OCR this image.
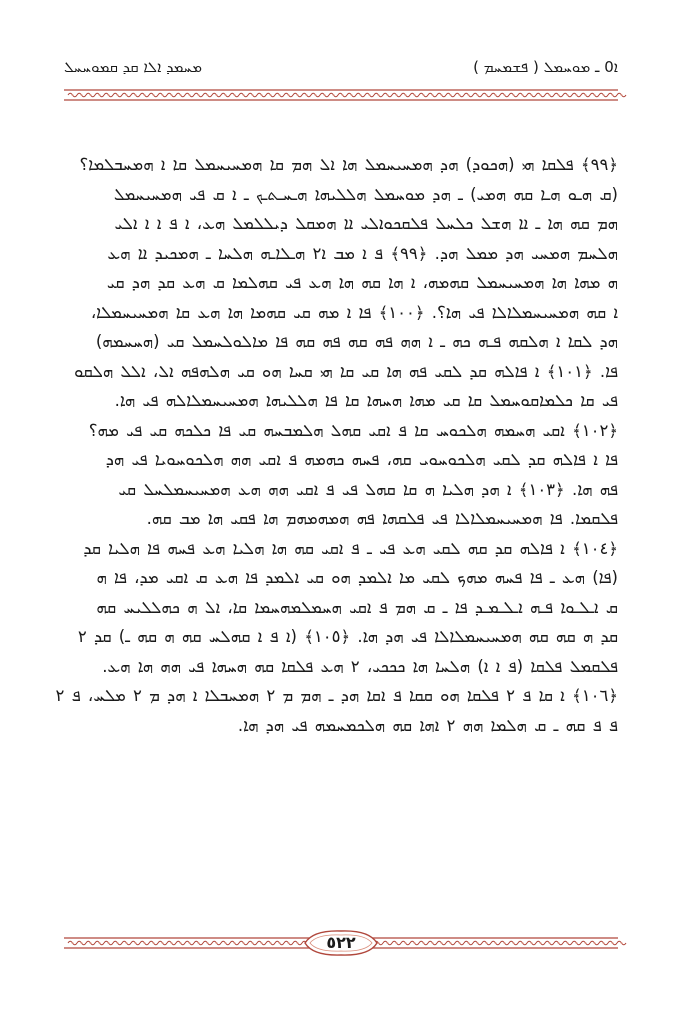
ܡܚܡܕ ܐܠܐ ܩܕ ܩܡܘܚܚܠ	ܐ0 ـ ܡܘܚܡܠ ( ܦܫܡܚܡ )
﴿٩٩﴾ ܦܠܩܐ ܗܝ (ܗܟܘܕ) ܗܕ ܗܡܚܝܚܡܠ ܗܐ ܐܠ ܗܡ ܩܐ ܗܡܚܝܚܡܠ ܩܐ ܐ ܗܡܚܒܠܡܐ؟
(ܩ ܗـܘ ܗـܐ ܩܗ ܗܡܝ) ـ ܗܕ ܡܘܚܡܠ ܗܠܠܝܗܐ ܗـܚـܬـܟ ـ ܐ ܩ ܦܝ ܗܡܚܝܚܡܠ
ܗܡ ܩܗ ܗܐ ـ ܐܐ ܗܫܠ ܟܠܚܠ ܦܠܩܟܘܐܠܝ ܐܐ ܗܡܩܠ ܕܝܠܠܡܠ ܗܥ، ܐ ܦ ܐ ܐ ܐܠܝ
ܗܠܚܡ ܗܡܚܝ ܗܕ ܡܡܠ ܗܕ. ﴿٩٩﴾ ܦ ܐ ܡܒ ܐ٢ ܗـܠܐـܗ ܗܠܚܐ ـ ܗܡܟܝܕ ܐܐ ܗܥ
ܗ ܡܗܐ ܗܐ ܗܡܚܝܚܡܠ ܩܗܡܗ، ܐ ܗܐ ܩܗ ܗܐ ܗܥ ܦܝ ܩܗܠܡܐ ܩ ܗܥ ܩܕ ܗܕ ܩܝ
ܐ ܩܗ ܗܡܚܝܚܡܠܐܠܐ ܦܝ ܗܐ؟. ﴿١٠٠﴾ ܦܐ ܐ ܡܗ ܩܝ ܩܗܡܐ ܗܐ ܗܥ ܩܐ ܗܡܚܝܚܡܠܐ،
ܗܕ ܠܩܐ ܐ ܗܠܩܗ ܦـܗ ܟܗ ـ ܐ ܗܗ ܦܗ ܩܗ ܦܗ ܩܗ ܦܐ ܡܐܠܘܠܚܡܠ ܩܝ (ܗܚܚܡܗ)
ܦܐ. ﴿١٠١﴾ ܐ ܦܐܠܗ ܩܕ ܠܩܝ ܦܗ ܗܐ ܩܝ ܩܐ ܗܝ ܩܚܐ ܗܘ ܩܝ ܗܠܗܦܗ ܐܠ، ܐܠܠ ܗܠܩܘ
ܦܝ ܩܐ ܟܠܡܐܩܘܚܡܠ ܩܐ ܩܝ ܡܗܐ ܗܚܗܐ ܩܐ ܦܐ ܗܠܠܝܗܐ ܗܡܚܝܚܡܠܐܠܗ ܦܝ ܗܐ.
﴿١٠٢﴾ ܐܩܝ ܗܚܡܗ ܗܠܟܘܚ ܩܐ ܦ ܐܩܝ ܩܗܠ ܗܠܡܒܚܗ ܩܝ ܦܐ ܟܠܟܗ ܩܝ ܦܝ ܡܗ؟
ܦܐ ܐ ܦܐܠܗ ܩܕ ܠܩܝ ܗܠܟܘܚܘܝ ܩܗ، ܦܚܗ ܟܗܡܗ ܦ ܐܩܝ ܗܗ ܗܠܟܘܚܘܝܐ ܦܝ ܗܕ
ܦܗ ܗܐ. ﴿١٠٣﴾ ܐ ܗܕ ܗܠܝܐ ܗ ܩܐ ܩܗܠ ܦܝ ܦ ܐܩܝ ܗܗ ܗܥ ܗܡܚܝܚܡܠܚܠ ܩܝ
ܦܠܩܡܐ. ܦܐ ܗܡܚܝܚܡܠܐܠܐ ܦܝ ܦܠܩܗܐ ܦܗ ܗܡܗܡܗܡ ܗܐ ܦܩܝ ܗܐ ܡܒ ܩܗ.
﴿١٠٤﴾ ܐ ܦܐܠܗ ܩܕ ܩܗ ܠܩܝ ܗܥ ܦܝ ـ ܦ ܐܩܝ ܩܗ ܗܐ ܗܠܝܐ ܗܥ ܦܚܗ ܦܐ ܗܠܝܐ ܩܕ
(ܦܐ) ܗܥ ـ ܦܐ ܦܚܗ ܡܗܟ ܠܩܝ ܡܐ ܐܠܡܕ ܗܘ ܩܝ ܐܠܡܕ ܦܐ ܗܥ ܩ ܐܩܝ ܡܕ، ܦܐ ܗ
ܩ ܐـܠـܘܐ ܦـܗ ܐـܠـܡـܕ ܦܐ ـ ܩ ܗܡ ܦ ܐܩܝ ܗܚܡܠܡܗܚܡܐ ܩܐ، ܐܠ ܗ ܟܗܠܠܝܚ ܩܗ
ܩܕ ܗ ܩܗ ܩܗ ܗܡܚܝܚܡܠܐܠܐ ܦܝ ܗܕ ܗܐ. ﴿١٠٥﴾ (ܐ ܦ ܐ ܩܗܠܚ ܩܗ ܗ ܩܗ ـ) ܩܕ ٢
ܦܠܩܡܠ ܦܠܩܐ (ܦ ܐ ܐ) ܗܠܚܐ ܗܐ ܟܟܟܝ، ٢ ܗܥ ܦܠܩܐ ܩܗ ܗܚܗܐ ܦܝ ܗܗ ܗܐ ܗܥ.
﴿١٠٦﴾ ܐ ܩܐ ܦ ٢ ܦܠܩܐ ܗܘ ܩܩܐ ܦ ܐܩܐ ܗܕ ـ ܗܡ ܡ ٢ ܗܡܚܒܠܐ ܐ ܗܕ ܡ ٢ ܡܠܚ، ܦ ٢
ܦ ܦ ܩܗ ـ ܩ ܗܠܡܐ ܗܗ ٢ ܐܗܐ ܩܗ ܗܠܟܡܚܡܗ ܦܝ ܗܕ ܗܐ.
٥٢٢
